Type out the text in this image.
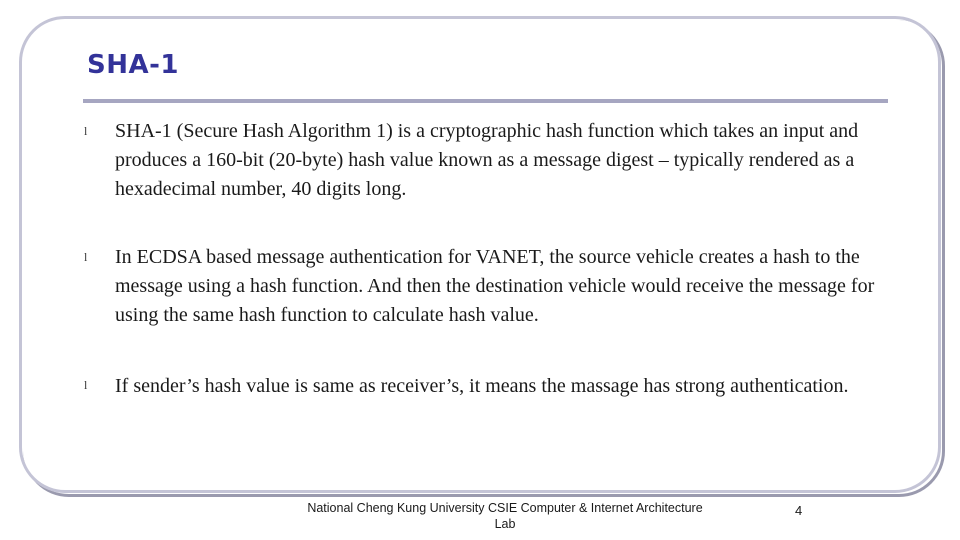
SHA-1
l SHA-1 (Secure Hash Algorithm 1) is a cryptographic hash function which takes an input and produces a 160-bit (20-byte) hash value known as a message digest – typically rendered as a hexadecimal number, 40 digits long.
l In ECDSA based message authentication for VANET, the source vehicle creates a hash to the message using a hash function. And then the destination vehicle would receive the message for using the same hash function to calculate hash value.
l If sender’s hash value is same as receiver’s, it means the massage has strong authentication.

National Cheng Kung University CSIE Computer & Internet Architecture Lab

4
